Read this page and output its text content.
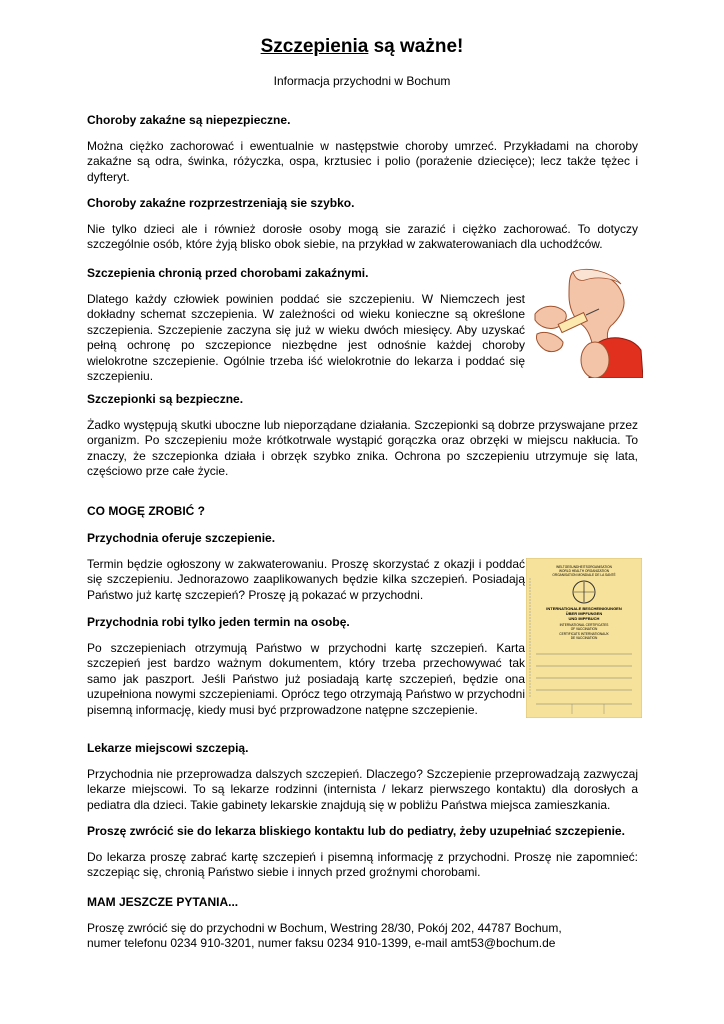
Szczepienia są ważne!
Informacja przychodni w Bochum
Choroby zakaźne są niepezpieczne.
Można ciężko zachorować i ewentualnie w następstwie choroby umrzeć. Przykładami na choroby zakaźne są odra, świnka, różyczka, ospa, krztusiec i polio (porażenie dziecięce); lecz także tężec i dyfteryt.
Choroby zakaźne rozprzestrzeniają sie szybko.
Nie tylko dzieci ale i również dorosłe osoby mogą sie zarazić i ciężko zachorować. To dotyczy szczególnie osób, które żyją blisko obok siebie, na przykład w zakwaterowaniach dla uchodźców.
Szczepienia chronią przed chorobami zakaźnymi.
Dlatego każdy człowiek powinien poddać sie szczepieniu. W Niemczech jest dokładny schemat szczepienia. W zależności od wieku konieczne są określone szczepienia. Szczepienie zaczyna się już w wieku dwóch miesięcy. Aby uzyskać pełną ochronę po szczepionce niezbędne jest odnośnie każdej choroby wielokrotne szczepienie. Ogólnie trzeba iść wielokrotnie do lekarza i poddać się szczepieniu.
Szczepionki są bezpieczne.
Żadko występują skutki uboczne lub nieporządane działania. Szczepionki są dobrze przyswajane przez organizm. Po szczepieniu może krótkotrwale wystąpić gorączka oraz obrzęki w miejscu nakłucia. To znaczy, że szczepionka działa i obrzęk szybko znika. Ochrona po szczepieniu utrzymuje się lata, częściowo prze całe życie.
CO MOGĘ ZROBIĆ ?
Przychodnia oferuje szczepienie.
Termin będzie ogłoszony w zakwaterowaniu. Proszę skorzystać z okazji i poddać się szczepieniu. Jednorazowo zaaplikowanych będzie kilka szczepień. Posiadają Państwo już kartę szczepień? Proszę ją pokazać w przychodni.
Przychodnia robi tylko jeden termin na osobę.
Po szczepieniach otrzymują Państwo w przychodni kartę szczepień. Karta szczepień jest bardzo ważnym dokumentem, który trzeba przechowywać tak samo jak paszport. Jeśli Państwo już posiadają kartę szczepień, będzie ona uzupełniona nowymi szczepieniami. Oprócz tego otrzymają Państwo w przychodni pisemną informację, kiedy musi być przprowadzone natępne szczepienie.
Lekarze miejscowi szczepią.
Przychodnia nie przeprowadza dalszych szczepień. Dlaczego? Szczepienie przeprowadzają zazwyczaj lekarze miejscowi. To są lekarze rodzinni (internista / lekarz pierwszego kontaktu) dla dorosłych a pediatra dla dzieci. Takie gabinety lekarskie znajdują się w pobliżu Państwa miejsca zamieszkania.
Proszę zwrócić sie do lekarza bliskiego kontaktu lub do pediatry, żeby uzupełniać szczepienie.
Do lekarza proszę zabrać kartę szczepień i pisemną informację z przychodni. Proszę nie zapomnieć: szczepiąc się, chronią Państwo siebie i innych przed groźnymi chorobami.
MAM JESZCZE PYTANIA...
Proszę zwrócić się do przychodni w Bochum, Westring 28/30, Pokój 202, 44787 Bochum,
numer telefonu 0234 910-3201, numer faksu 0234 910-1399, e-mail amt53@bochum.de
WELTGESUNDHEITSORGANISATION
WORLD HEALTH ORGANIZATION
ORGANISATION MONDIALE DE LA SANTÉ
INTERNATIONALE BESCHEINIGUNGEN
ÜBER IMPFUNGEN
UND IMPFBUCH
INTERNATIONAL CERTIFICATES
OF VACCINATION
CERTIFICATS INTERNATIONAUX
DE VACCINATION
